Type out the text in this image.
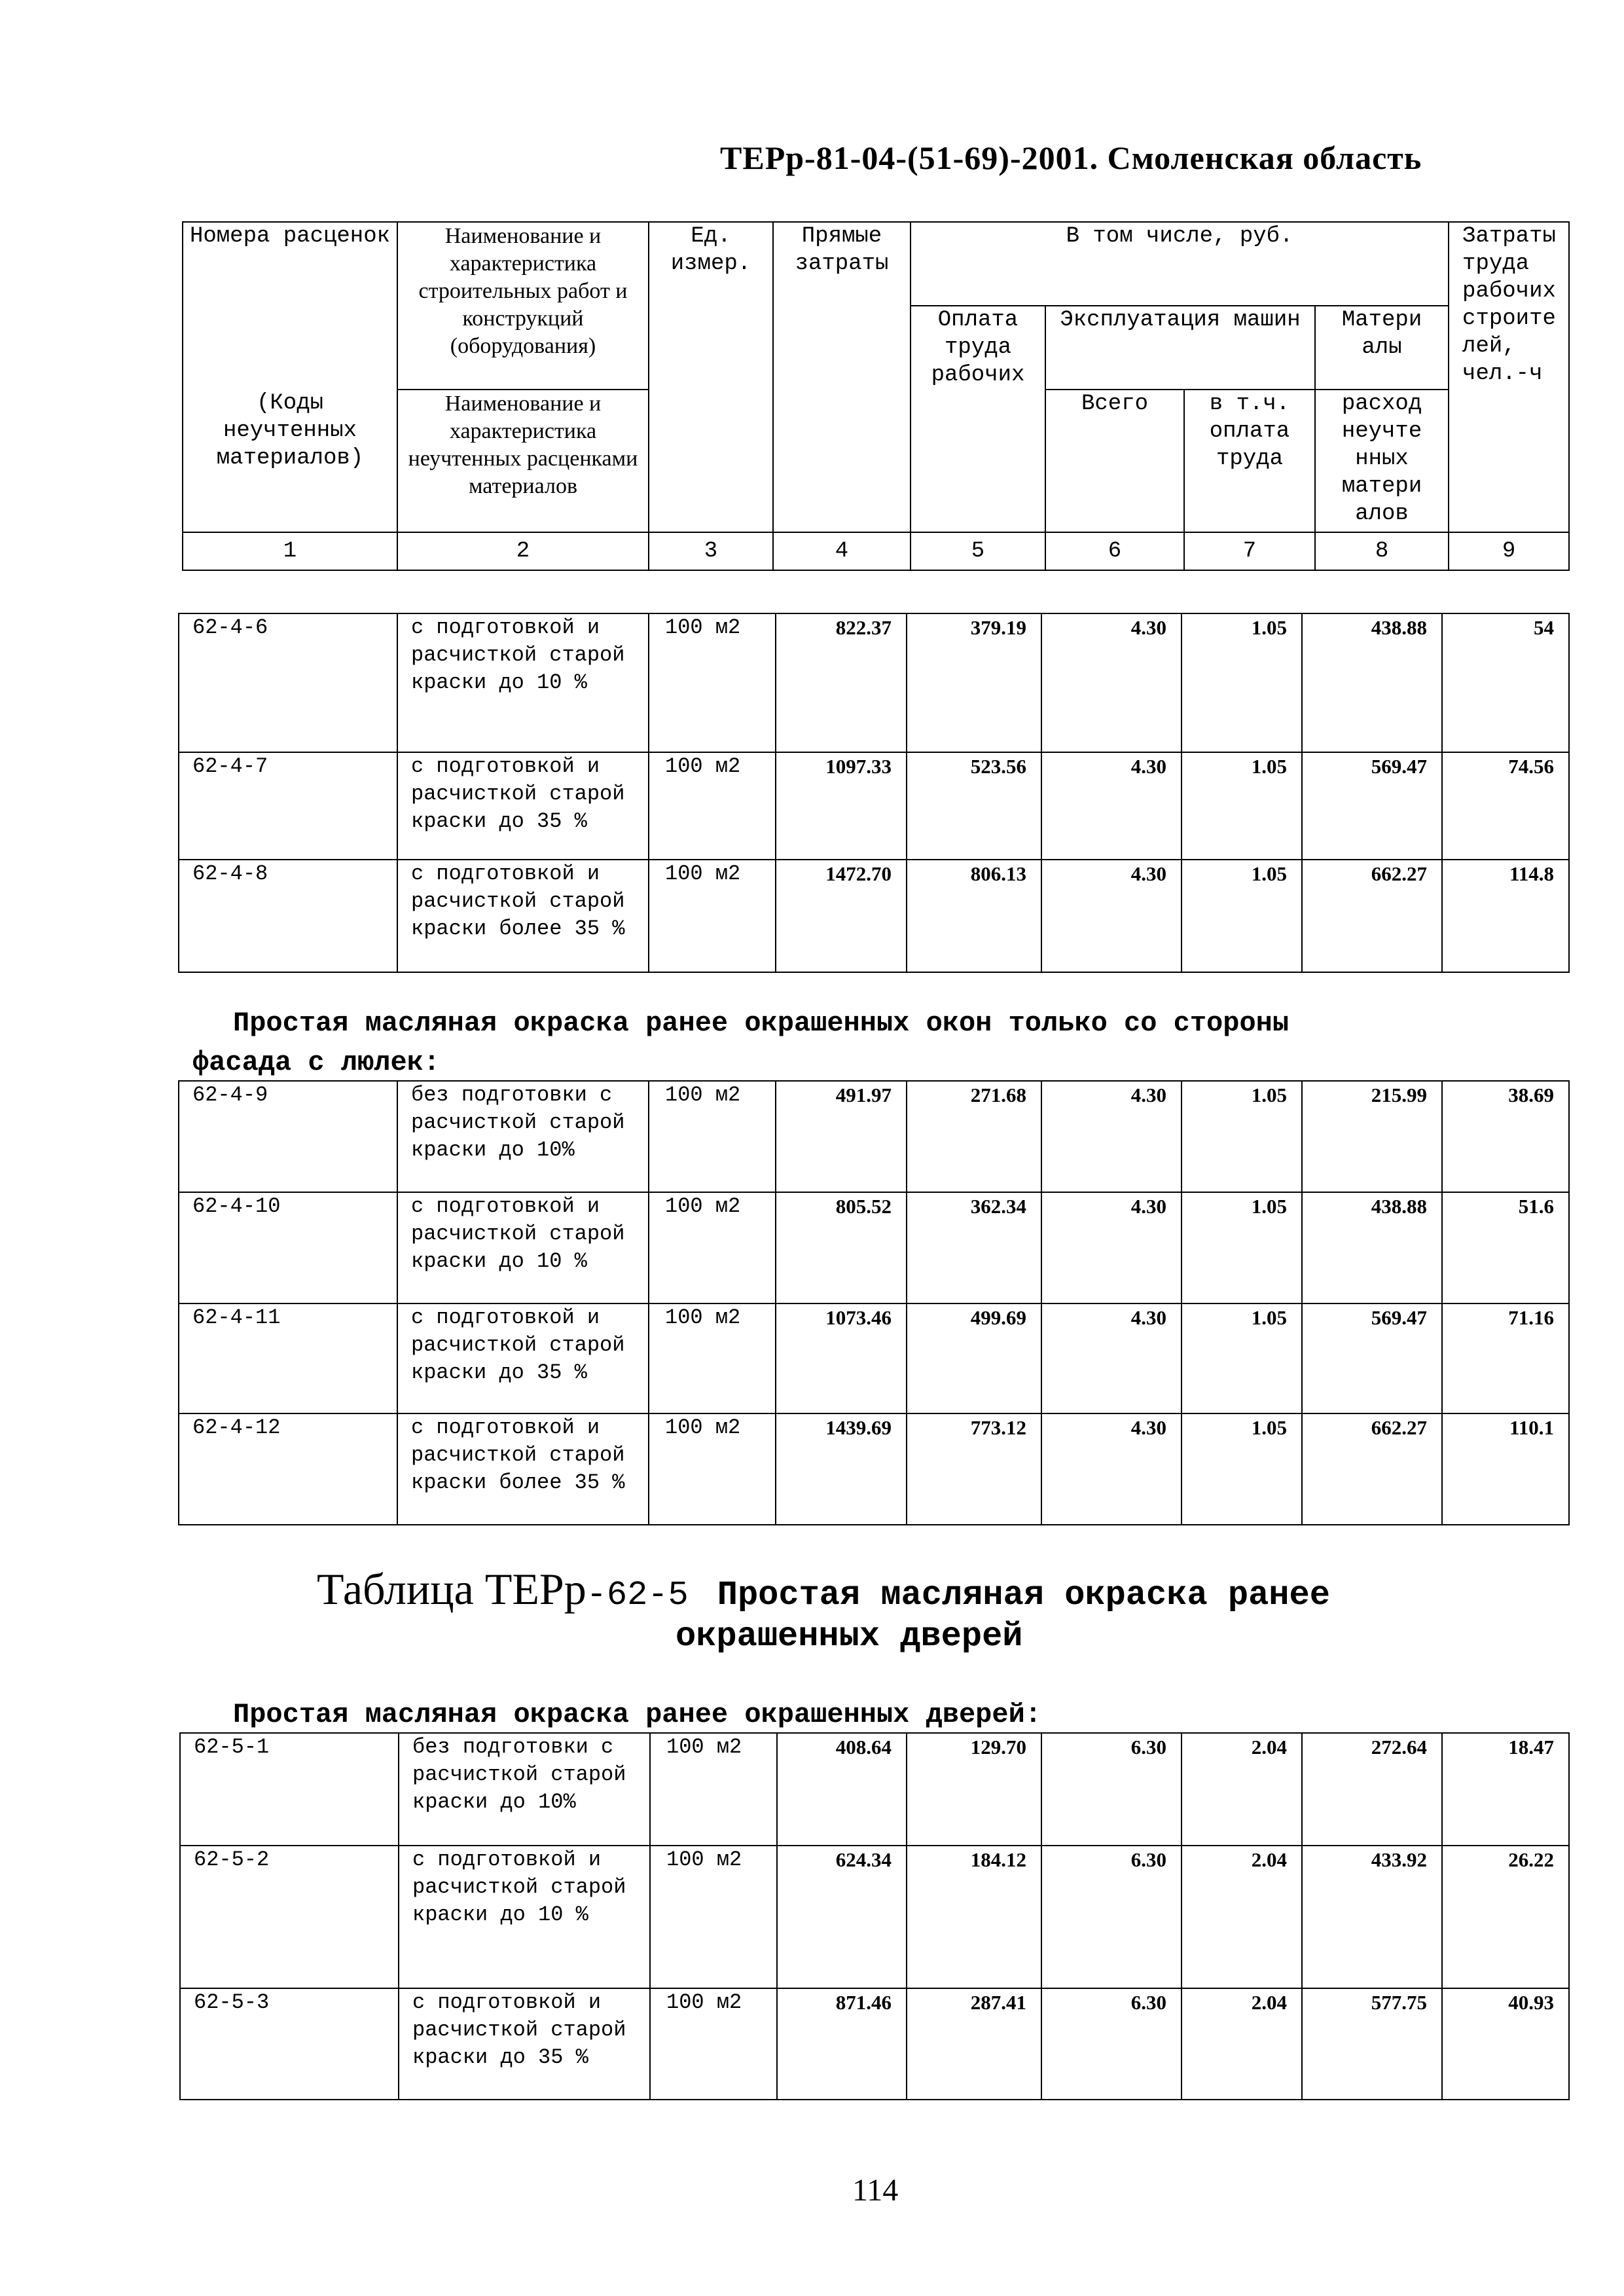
ТЕРр-81-04-(51-69)-2001. Смоленская область
Номера расценок	Наименование и характеристика строительных работ и конструкций (оборудования)	Ед. измер.	Прямые затраты	В том числе, руб.				Затраты труда рабочих строите лей, чел.-ч
				Оплата труда рабочих	Эксплуатация машин		Матери алы	
(Коды неучтенных материалов)	Наименование и характеристика неучтенных расценками материалов				Всего	в т.ч. оплата труда	расход неучте нных матери алов	
1	2	3	4	5	6	7	8	9
62-4-6	с подготовкой и расчисткой старой краски до 10 %	100 м2	822.37	379.19	4.30	1.05	438.88	54
62-4-7	с подготовкой и расчисткой старой краски до 35 %	100 м2	1097.33	523.56	4.30	1.05	569.47	74.56
62-4-8	с подготовкой и расчисткой старой краски более 35 %	100 м2	1472.70	806.13	4.30	1.05	662.27	114.8
Простая масляная окраска ранее окрашенных окон только со стороны
фасада с люлек:
62-4-9	без подготовки с расчисткой старой краски до 10%	100 м2	491.97	271.68	4.30	1.05	215.99	38.69
62-4-10	с подготовкой и расчисткой старой краски до 10 %	100 м2	805.52	362.34	4.30	1.05	438.88	51.6
62-4-11	с подготовкой и расчисткой старой краски до 35 %	100 м2	1073.46	499.69	4.30	1.05	569.47	71.16
62-4-12	с подготовкой и расчисткой старой краски более 35 %	100 м2	1439.69	773.12	4.30	1.05	662.27	110.1
Таблица ТЕРр-62-5 Простая масляная окраска ранее
окрашенных дверей
Простая масляная окраска ранее окрашенных дверей:
62-5-1	без подготовки с расчисткой старой краски до 10%	100 м2	408.64	129.70	6.30	2.04	272.64	18.47
62-5-2	с подготовкой и расчисткой старой краски до 10 %	100 м2	624.34	184.12	6.30	2.04	433.92	26.22
62-5-3	с подготовкой и расчисткой старой краски до 35 %	100 м2	871.46	287.41	6.30	2.04	577.75	40.93
114
